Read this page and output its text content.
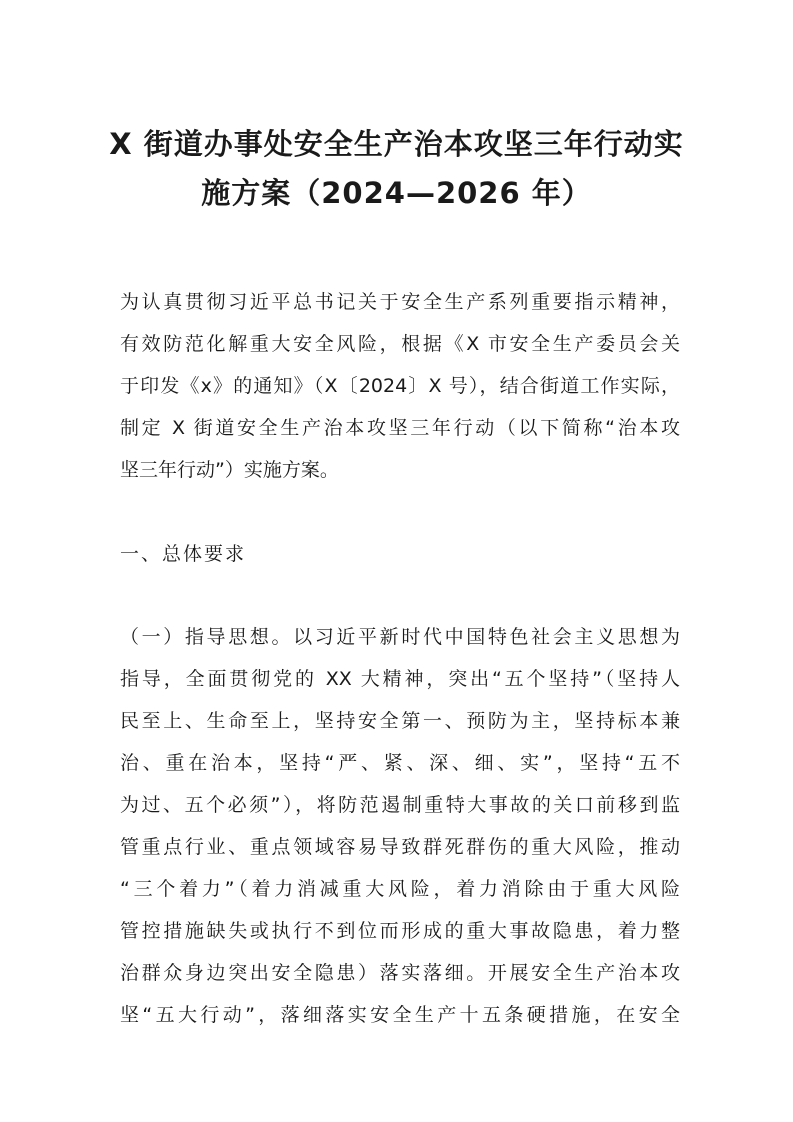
X 街道办事处安全生产治本攻坚三年行动实
施方案（2024—2026 年）
为认真贯彻习近平总书记关于安全生产系列重要指示精神，
有效防范化解重大安全风险，根据《X 市安全生产委员会关
于印发《x》的通知》（X〔2024〕X 号），结合街道工作实际，
制定 X 街道安全生产治本攻坚三年行动（以下简称“治本攻
坚三年行动”）实施方案。
一、总体要求
（一）指导思想。以习近平新时代中国特色社会主义思想为
指导，全面贯彻党的 XX 大精神，突出“五个坚持”（坚持人
民至上、生命至上，坚持安全第一、预防为主，坚持标本兼
治、重在治本，坚持“严、紧、深、细、实”，坚持“五不
为过、五个必须”），将防范遏制重特大事故的关口前移到监
管重点行业、重点领域容易导致群死群伤的重大风险，推动
“三个着力”（着力消减重大风险，着力消除由于重大风险
管控措施缺失或执行不到位而形成的重大事故隐患，着力整
治群众身边突出安全隐患）落实落细。开展安全生产治本攻
坚“五大行动”，落细落实安全生产十五条硬措施，在安全
